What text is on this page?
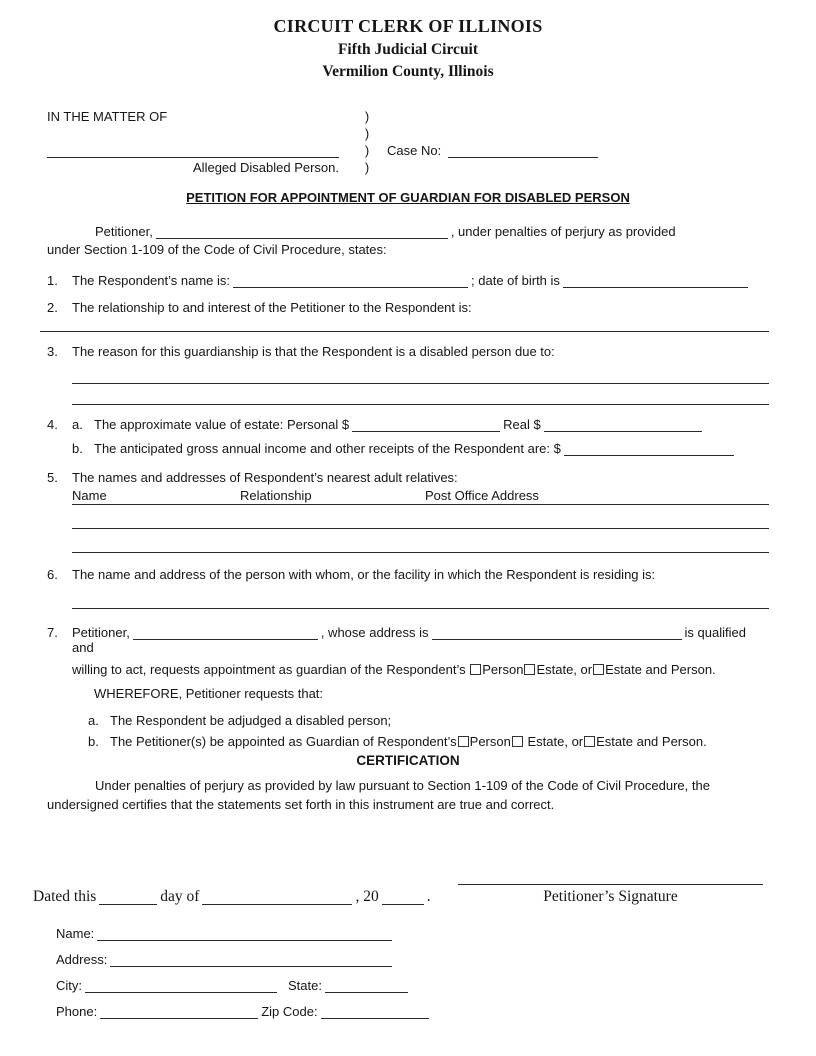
CIRCUIT CLERK OF ILLINOIS
Fifth Judicial Circuit
Vermilion County, Illinois
IN THE MATTER OF	)
)
)	Case No:
Alleged Disabled Person.	)
PETITION FOR APPOINTMENT OF GUARDIAN FOR DISABLED PERSON
Petitioner,	, under penalties of perjury as provided
under Section 1-109 of the Code of Civil Procedure, states:
1.	The Respondent’s name is:	; date of birth is
2.	The relationship to and interest of the Petitioner to the Respondent is:
3.	The reason for this guardianship is that the Respondent is a disabled person due to:
4.	a. The approximate value of estate: Personal $	Real $
b. The anticipated gross annual income and other receipts of the Respondent are: $
5.	The names and addresses of Respondent’s nearest adult relatives:
Name	Relationship	Post Office Address
6.	The name and address of the person with whom, or the facility in which the Respondent is residing is:
7.	Petitioner,	, whose address is	is qualified and
willing to act, requests appointment as guardian of the Respondent’s Person Estate, or Estate and Person.
WHEREFORE, Petitioner requests that:
a. The Respondent be adjudged a disabled person;
b. The Petitioner(s) be appointed as Guardian of Respondent’s Person Estate, or Estate and Person.
CERTIFICATION
Under penalties of perjury as provided by law pursuant to Section 1-109 of the Code of Civil Procedure, the undersigned certifies that the statements set forth in this instrument are true and correct.
Dated this	day of	, 20	.	Petitioner’s Signature
Name:
Address:
City:	State:
Phone:	Zip Code:
